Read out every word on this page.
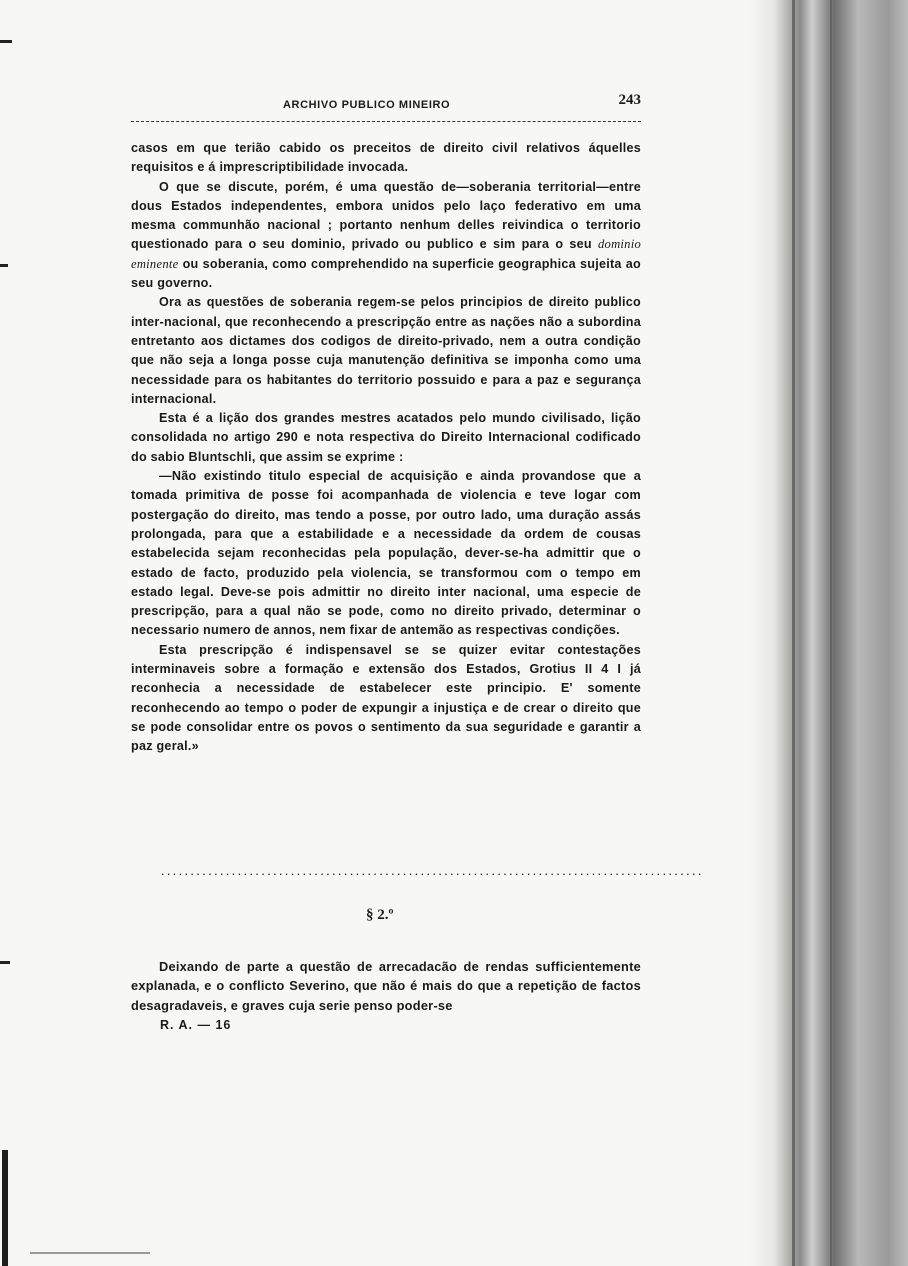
ARCHIVO PUBLICO MINEIRO	243

casos em que terião cabido os preceitos de direito civil relativos áquelles requisitos e á imprescriptibilidade invocada.

O que se discute, porém, é uma questão de—soberania territorial—entre dous Estados independentes, embora unidos pelo laço federativo em uma mesma communhão nacional ; portanto nenhum delles reivindica o territorio questionado para o seu dominio, privado ou publico e sim para o seu dominio eminente ou soberania, como comprehendido na superficie geographica sujeita ao seu governo.

Ora as questões de soberania regem-se pelos principios de direito publico inter-nacional, que reconhecendo a prescripção entre as nações não a subordina entretanto aos dictames dos codigos de direito-privado, nem a outra condição que não seja a longa posse cuja manutenção definitiva se imponha como uma necessidade para os habitantes do territorio possuido e para a paz e segurança internacional.

Esta é a lição dos grandes mestres acatados pelo mundo civilisado, lição consolidada no artigo 290 e nota respectiva do Direito Internacional codificado do sabio Bluntschli, que assim se exprime :

—Não existindo titulo especial de acquisição e ainda provandose que a tomada primitiva de posse foi acompanhada de violencia e teve logar com postergação do direito, mas tendo a posse, por outro lado, uma duração assás prolongada, para que a estabilidade e a necessidade da ordem de cousas estabelecida sejam reconhecidas pela população, dever-se-ha admittir que o estado de facto, produzido pela violencia, se transformou com o tempo em estado legal. Deve-se pois admittir no direito inter nacional, uma especie de prescripção, para a qual não se pode, como no direito privado, determinar o necessario numero de annos, nem fixar de antemão as respectivas condições.

Esta prescripção é indispensavel se se quizer evitar contestações interminaveis sobre a formação e extensão dos Estados, Grotius II 4 I já reconhecia a necessidade de estabelecer este principio. E' somente reconhecendo ao tempo o poder de expungir a injustiça e de crear o direito que se pode consolidar entre os povos o sentimento da sua seguridade e garantir a paz geral.»

............................................................................................
§ 2.º

Deixando de parte a questão de arrecadacão de rendas sufficientemente explanada, e o conflicto Severino, que não é mais do que a repetição de factos desagradaveis, e graves cuja serie penso poder-se

R. A. — 16
